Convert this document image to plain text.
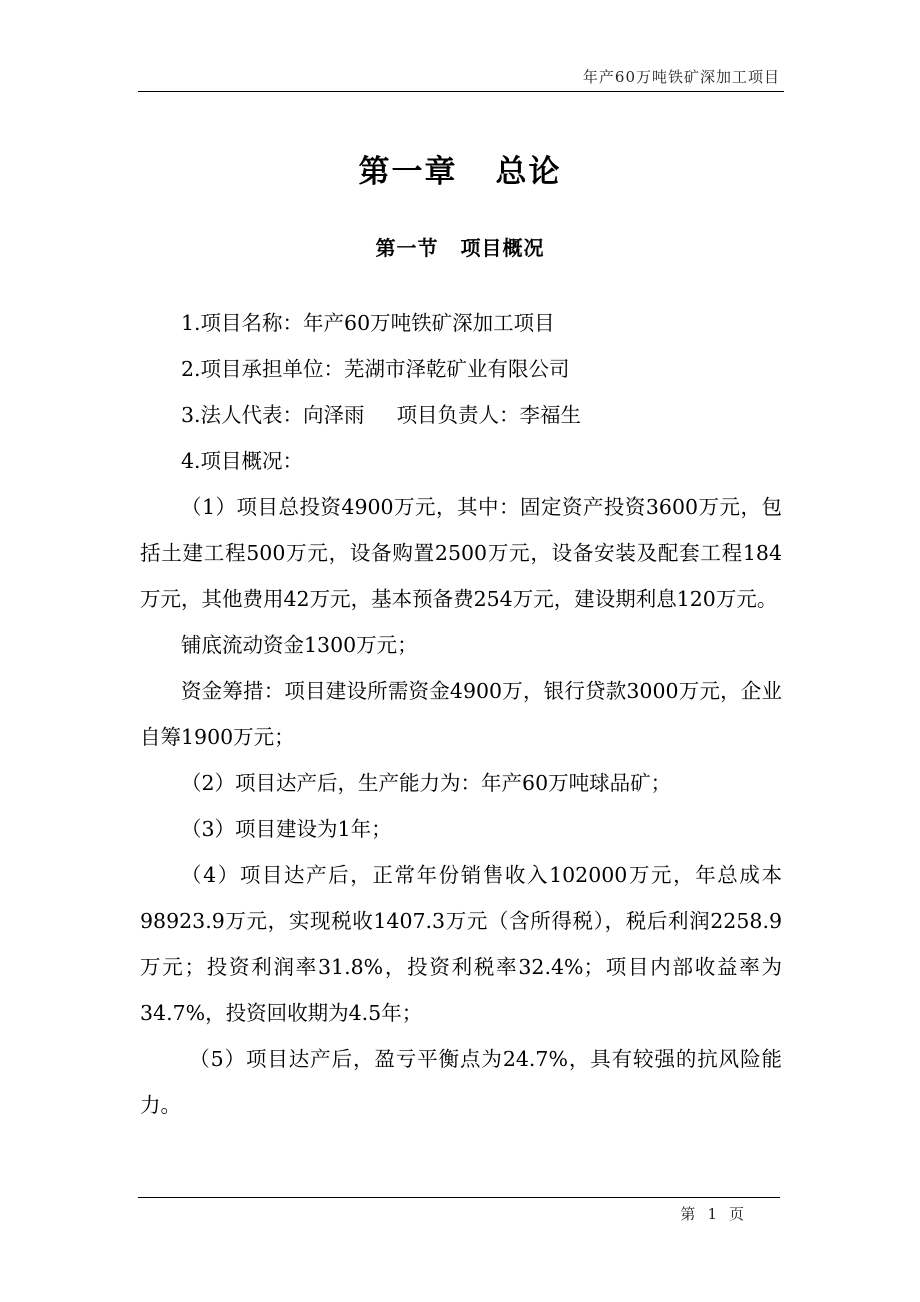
年产60万吨铁矿深加工项目
第一章 总论
第一节 项目概况

1.项目名称：年产60万吨铁矿深加工项目

2.项目承担单位：芜湖市泽乾矿业有限公司

3.法人代表：向泽雨 项目负责人：李福生

4.项目概况：

（1）项目总投资4900万元，其中：固定资产投资3600万元，包括土建工程500万元，设备购置2500万元，设备安装及配套工程184万元，其他费用42万元，基本预备费254万元，建设期利息120万元。

铺底流动资金1300万元；

资金筹措：项目建设所需资金4900万，银行贷款3000万元，企业自筹1900万元；

（2）项目达产后，生产能力为：年产60万吨球品矿；

（3）项目建设为1年；

（4）项目达产后，正常年份销售收入102000万元，年总成本98923.9万元，实现税收1407.3万元（含所得税），税后利润2258.9万元；投资利润率31.8%，投资利税率32.4%；项目内部收益率为34.7%，投资回收期为4.5年；

（5）项目达产后，盈亏平衡点为24.7%，具有较强的抗风险能力。

第 1 页
